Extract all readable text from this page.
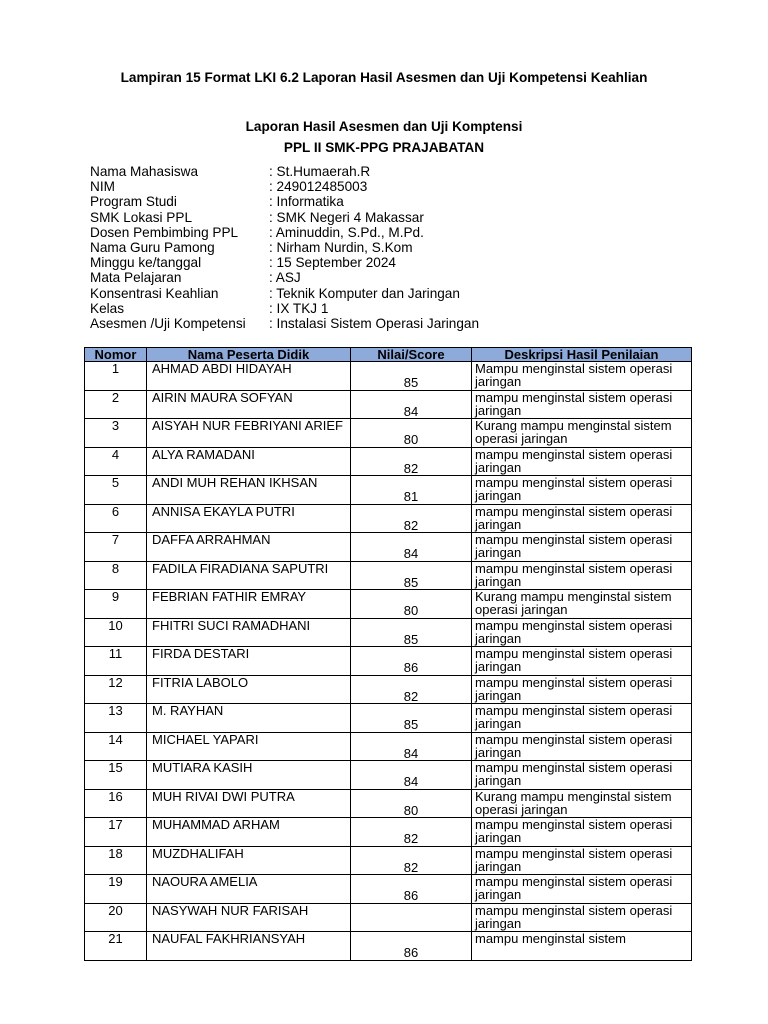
Lampiran 15 Format LKI 6.2 Laporan Hasil Asesmen dan Uji Kompetensi Keahlian
Laporan Hasil Asesmen dan Uji Komptensi
PPL II SMK-PPG PRAJABATAN
Nama Mahasiswa	: St.Humaerah.R
NIM	: 249012485003
Program Studi	: Informatika
SMK Lokasi PPL	: SMK Negeri 4 Makassar
Dosen Pembimbing PPL	: Aminuddin, S.Pd., M.Pd.
Nama Guru Pamong	: Nirham Nurdin, S.Kom
Minggu ke/tanggal	: 15 September 2024
Mata Pelajaran	: ASJ
Konsentrasi Keahlian	: Teknik Komputer dan Jaringan
Kelas	: IX TKJ 1
Asesmen /Uji Kompetensi	: Instalasi Sistem Operasi Jaringan
Nomor	Nama Peserta Didik	Nilai/Score	Deskripsi Hasil Penilaian
1	AHMAD ABDI HIDAYAH	85	Mampu menginstal sistem operasi jaringan
2	AIRIN MAURA SOFYAN	84	mampu menginstal sistem operasi jaringan
3	AISYAH NUR FEBRIYANI ARIEF	80	Kurang mampu menginstal sistem operasi jaringan
4	ALYA RAMADANI	82	mampu menginstal sistem operasi jaringan
5	ANDI MUH REHAN IKHSAN	81	mampu menginstal sistem operasi jaringan
6	ANNISA EKAYLA PUTRI	82	mampu menginstal sistem operasi jaringan
7	DAFFA ARRAHMAN	84	mampu menginstal sistem operasi jaringan
8	FADILA FIRADIANA SAPUTRI	85	mampu menginstal sistem operasi jaringan
9	FEBRIAN FATHIR EMRAY	80	Kurang mampu menginstal sistem operasi jaringan
10	FHITRI SUCI RAMADHANI	85	mampu menginstal sistem operasi jaringan
11	FIRDA DESTARI	86	mampu menginstal sistem operasi jaringan
12	FITRIA LABOLO	82	mampu menginstal sistem operasi jaringan
13	M. RAYHAN	85	mampu menginstal sistem operasi jaringan
14	MICHAEL YAPARI	84	mampu menginstal sistem operasi jaringan
15	MUTIARA KASIH	84	mampu menginstal sistem operasi jaringan
16	MUH RIVAI DWI PUTRA	80	Kurang mampu menginstal sistem operasi jaringan
17	MUHAMMAD ARHAM	82	mampu menginstal sistem operasi jaringan
18	MUZDHALIFAH	82	mampu menginstal sistem operasi jaringan
19	NAOURA AMELIA	86	mampu menginstal sistem operasi jaringan
20	NASYWAH NUR FARISAH		mampu menginstal sistem operasi jaringan
21	NAUFAL FAKHRIANSYAH	86	mampu menginstal sistem
